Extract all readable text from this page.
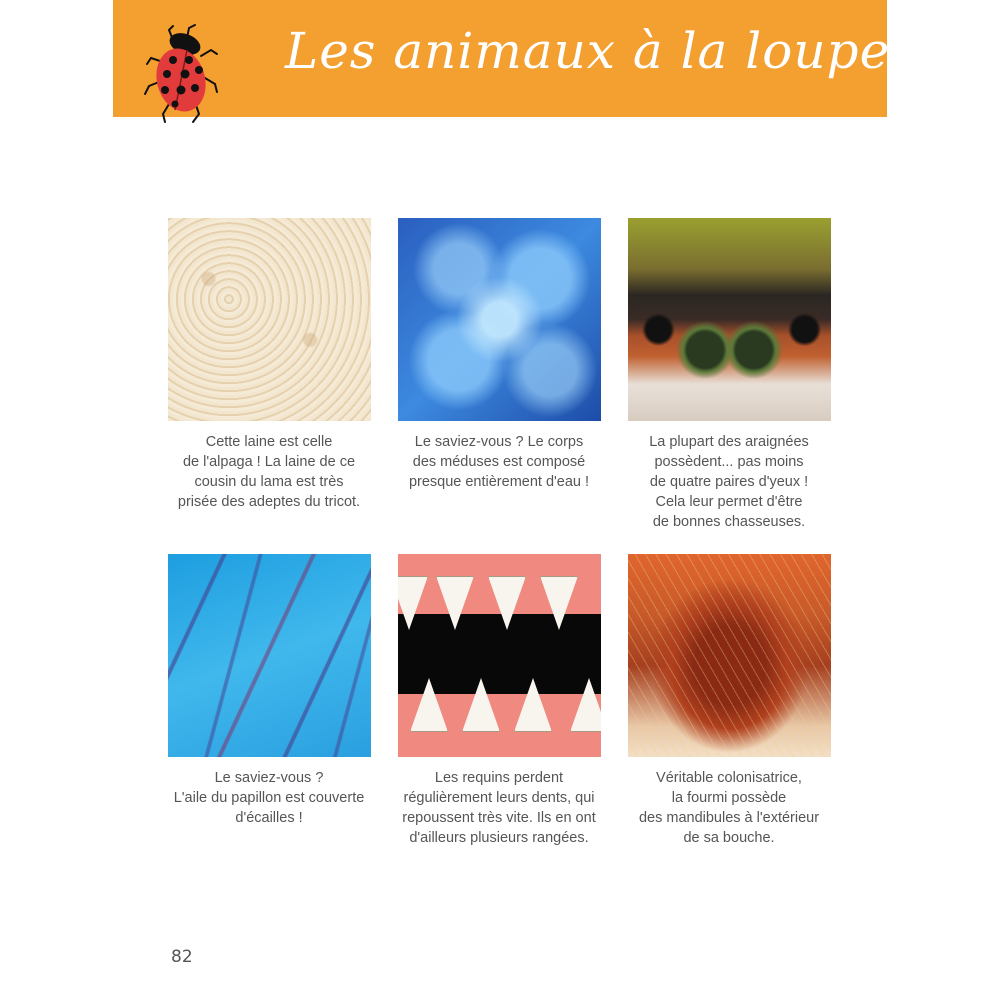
Les animaux à la loupe
Cette laine est celle
de l'alpaga ! La laine de ce
cousin du lama est très
prisée des adeptes du tricot.
Le saviez-vous ? Le corps
des méduses est composé
presque entièrement d'eau !
La plupart des araignées
possèdent... pas moins
de quatre paires d'yeux !
Cela leur permet d'être
de bonnes chasseuses.
Le saviez-vous ?
L'aile du papillon est couverte
d'écailles !
Les requins perdent
régulièrement leurs dents, qui
repoussent très vite. Ils en ont
d'ailleurs plusieurs rangées.
Véritable colonisatrice,
la fourmi possède
des mandibules à l'extérieur
de sa bouche.
82
